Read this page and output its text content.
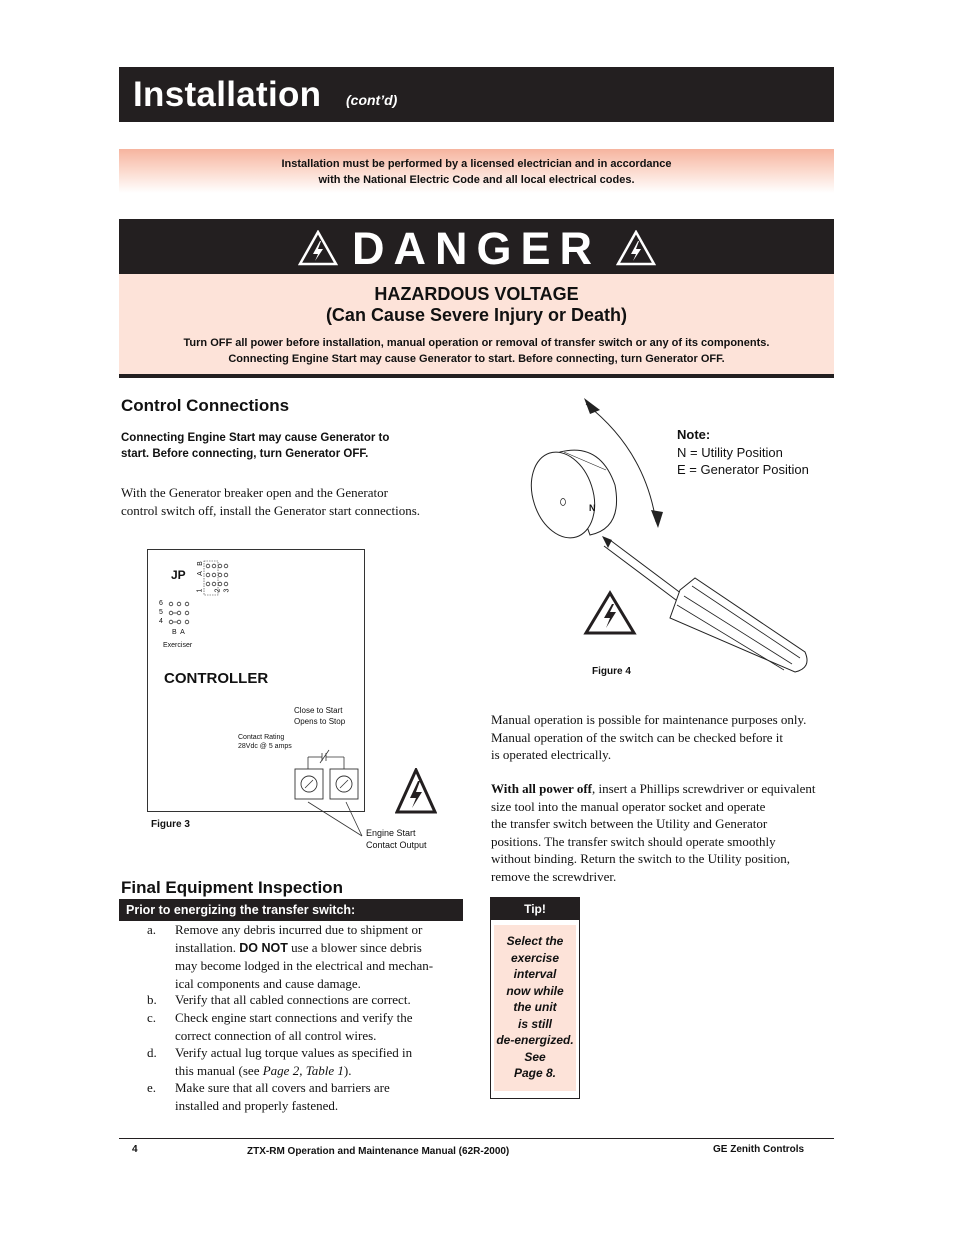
Installation (cont’d)
Installation must be performed by a licensed electrician and in accordance
with the National Electric Code and all local electrical codes.
DANGER
HAZARDOUS VOLTAGE
(Can Cause Severe Injury or Death)
Turn OFF all power before installation, manual operation or removal of transfer switch or any of its components.
Connecting Engine Start may cause Generator to start. Before connecting, turn Generator OFF.
Control Connections
Connecting Engine Start may cause Generator to
start. Before connecting, turn Generator OFF.
With the Generator breaker open and the Generator
control switch off, install the Generator start connections.
JP A
B
1 2 3
6
5
4
B  A
Exerciser
CONTROLLER
Close to Start
Opens to Stop
Contact Rating
28Vdc @ 5 amps
Figure 3
Engine Start
Contact Output
N
Note:
N = Utility Position
E = Generator Position
Figure 4
Manual operation is possible for maintenance purposes only.
Manual operation of the switch can be checked before it
is operated electrically.
With all power off, insert a Phillips screwdriver or equivalent
size tool into the manual operator socket and operate
the transfer switch between the Utility and Generator
positions. The transfer switch should operate smoothly
without binding. Return the switch to the Utility position,
remove the screwdriver.
Final Equipment Inspection
Prior to energizing the transfer switch:
a. Remove any debris incurred due to shipment or
installation. DO NOT use a blower since debris
may become lodged in the electrical and mechan-
ical components and cause damage.
b. Verify that all cabled connections are correct.
c. Check engine start connections and verify the
correct connection of all control wires.
d. Verify actual lug torque values as specified in
this manual (see Page 2, Table 1).
e. Make sure that all covers and barriers are
installed and properly fastened.
Tip!
Select the
exercise
interval
now while
the unit
is still
de-energized.
See
Page 8.
4	ZTX-RM Operation and Maintenance Manual (62R-2000)	GE Zenith Controls
